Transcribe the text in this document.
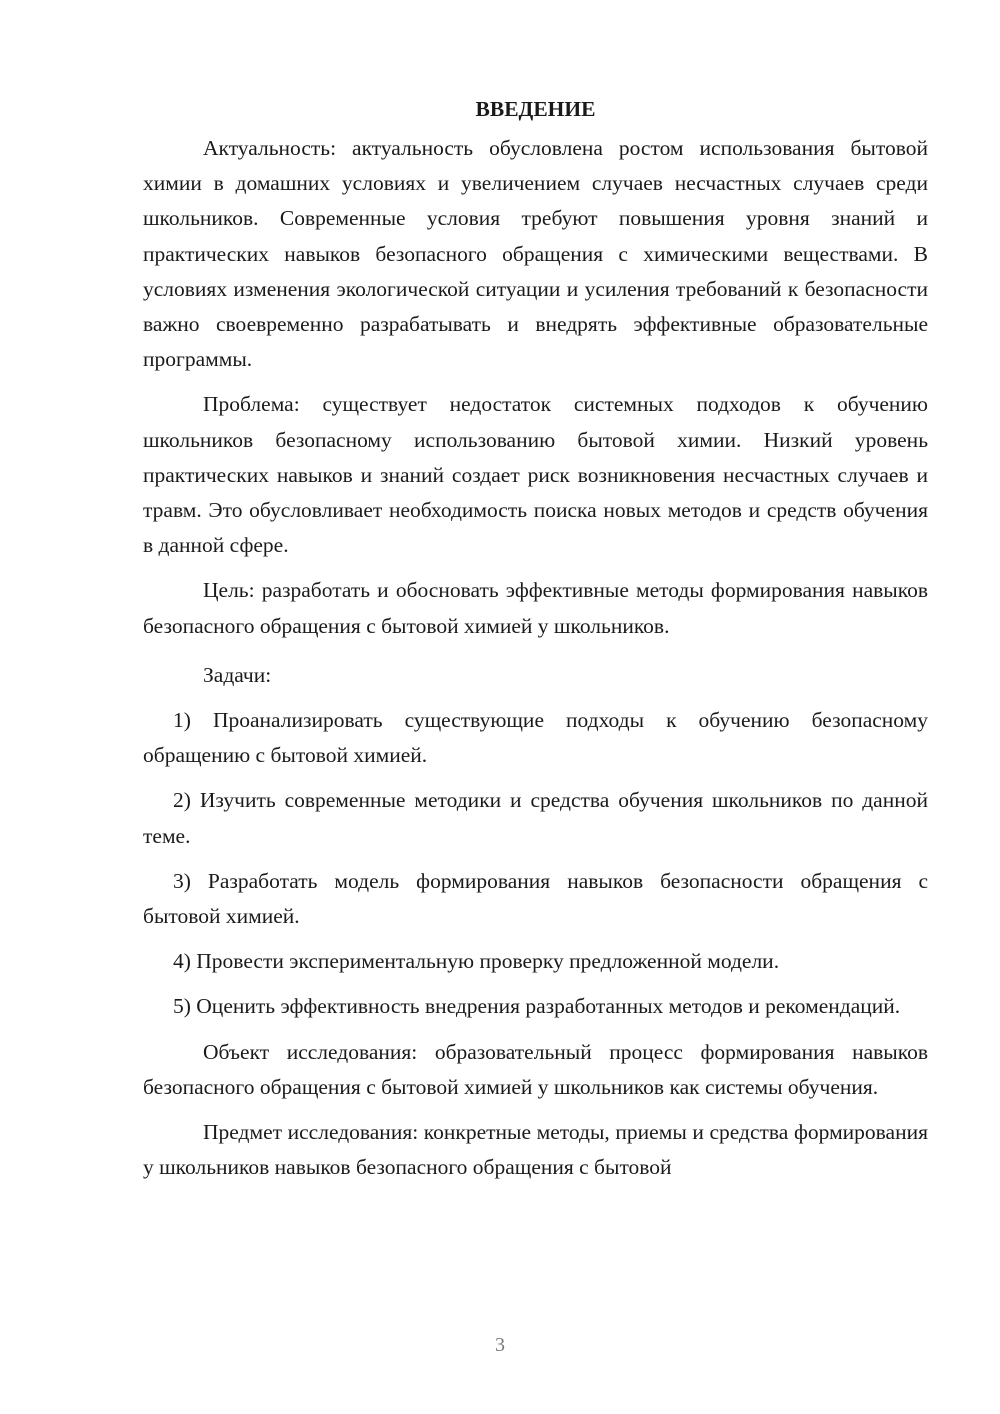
ВВЕДЕНИЕ

Актуальность: актуальность обусловлена ростом использования бытовой химии в домашних условиях и увеличением случаев несчастных случаев среди школьников. Современные условия требуют повышения уровня знаний и практических навыков безопасного обращения с химическими веществами. В условиях изменения экологической ситуации и усиления требований к безопасности важно своевременно разрабатывать и внедрять эффективные образовательные программы.

Проблема: существует недостаток системных подходов к обучению школьников безопасному использованию бытовой химии. Низкий уровень практических навыков и знаний создает риск возникновения несчастных случаев и травм. Это обусловливает необходимость поиска новых методов и средств обучения в данной сфере.

Цель: разработать и обосновать эффективные методы формирования навыков безопасного обращения с бытовой химией у школьников.

Задачи:

1) Проанализировать существующие подходы к обучению безопасному обращению с бытовой химией.

2) Изучить современные методики и средства обучения школьников по данной теме.

3) Разработать модель формирования навыков безопасности обращения с бытовой химией.

4) Провести экспериментальную проверку предложенной модели.

5) Оценить эффективность внедрения разработанных методов и рекомендаций.

Объект исследования: образовательный процесс формирования навыков безопасного обращения с бытовой химией у школьников как системы обучения.

Предмет исследования: конкретные методы, приемы и средства формирования у школьников навыков безопасного обращения с бытовой

3
